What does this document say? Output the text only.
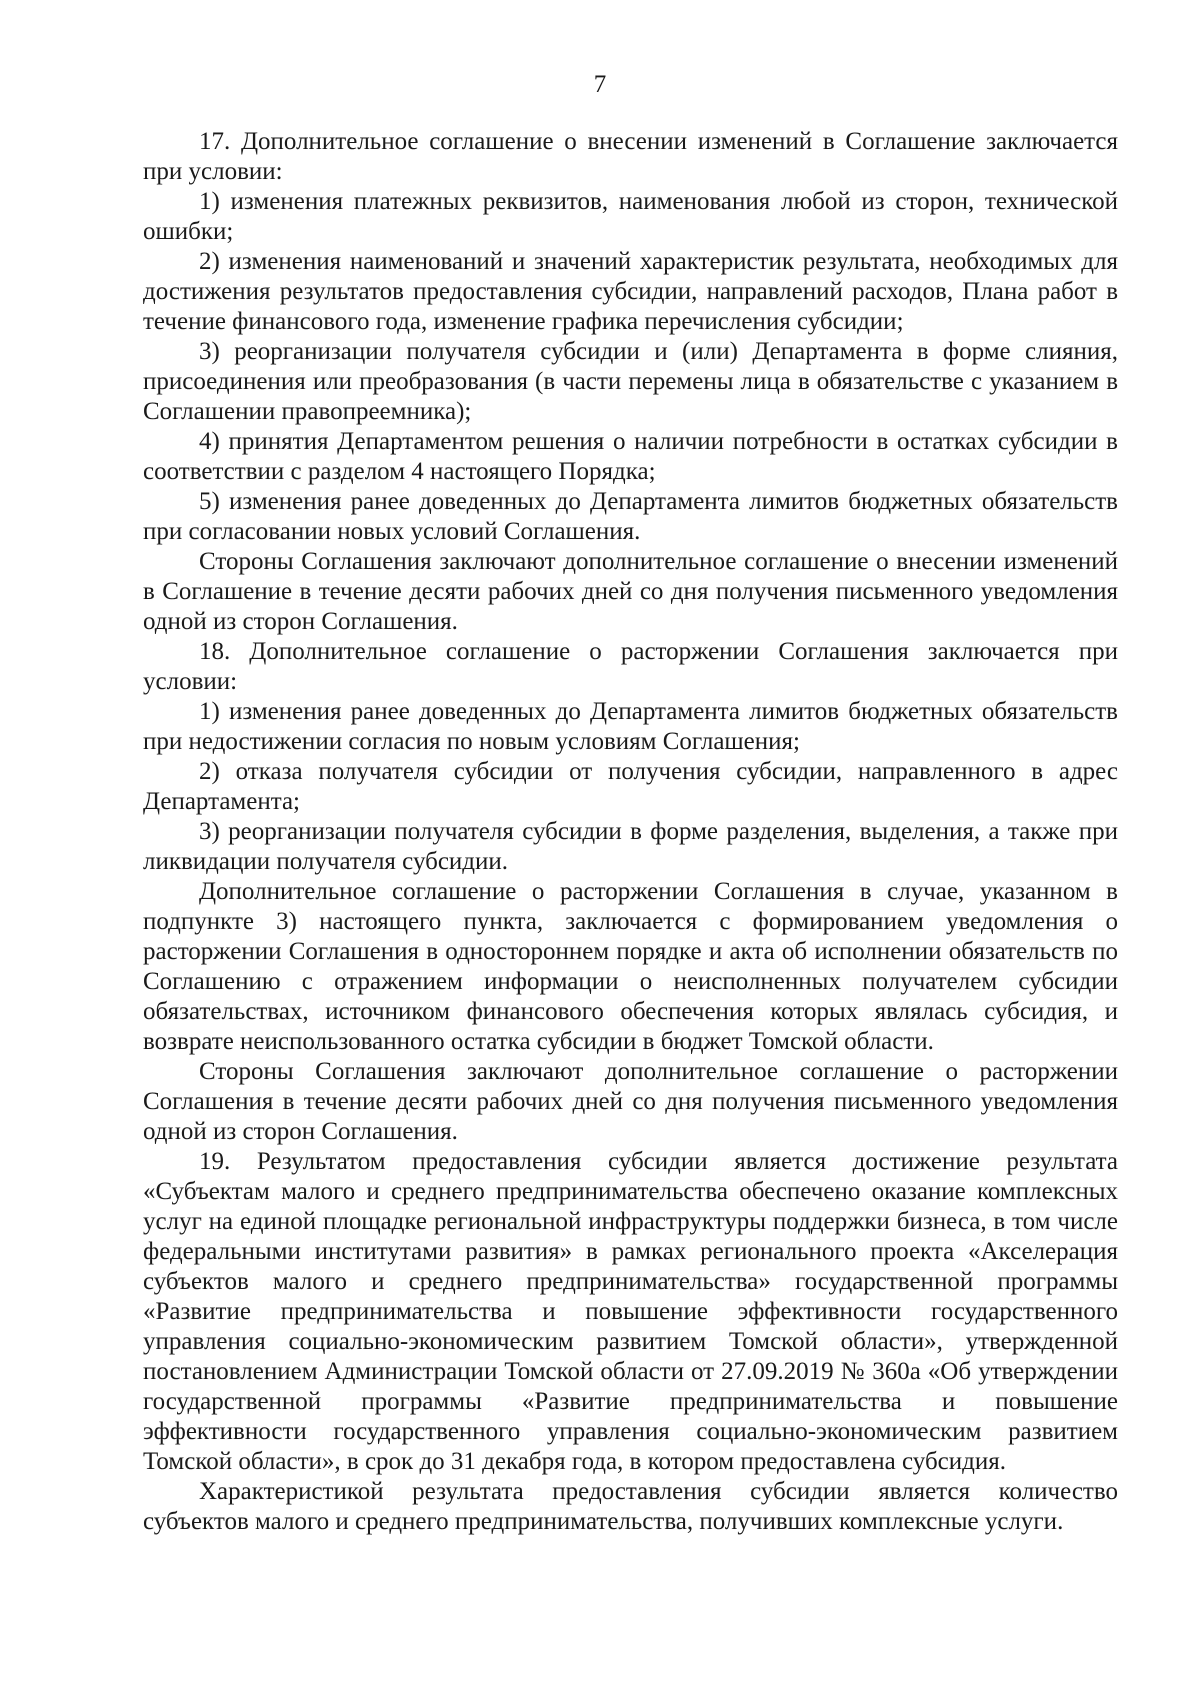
7

17. Дополнительное соглашение о внесении изменений в Соглашение заключается при условии:

1) изменения платежных реквизитов, наименования любой из сторон, технической ошибки;

2) изменения наименований и значений характеристик результата, необходимых для достижения результатов предоставления субсидии, направлений расходов, Плана работ в течение финансового года, изменение графика перечисления субсидии;

3) реорганизации получателя субсидии и (или) Департамента в форме слияния, присоединения или преобразования (в части перемены лица в обязательстве с указанием в Соглашении правопреемника);

4) принятия Департаментом решения о наличии потребности в остатках субсидии в соответствии с разделом 4 настоящего Порядка;

5) изменения ранее доведенных до Департамента лимитов бюджетных обязательств при согласовании новых условий Соглашения.

Стороны Соглашения заключают дополнительное соглашение о внесении изменений в Соглашение в течение десяти рабочих дней со дня получения письменного уведомления одной из сторон Соглашения.

18. Дополнительное соглашение о расторжении Соглашения заключается при условии:

1) изменения ранее доведенных до Департамента лимитов бюджетных обязательств при недостижении согласия по новым условиям Соглашения;

2) отказа получателя субсидии от получения субсидии, направленного в адрес Департамента;

3) реорганизации получателя субсидии в форме разделения, выделения, а также при ликвидации получателя субсидии.

Дополнительное соглашение о расторжении Соглашения в случае, указанном в подпункте 3) настоящего пункта, заключается с формированием уведомления о расторжении Соглашения в одностороннем порядке и акта об исполнении обязательств по Соглашению с отражением информации о неисполненных получателем субсидии обязательствах, источником финансового обеспечения которых являлась субсидия, и возврате неиспользованного остатка субсидии в бюджет Томской области.

Стороны Соглашения заключают дополнительное соглашение о расторжении Соглашения в течение десяти рабочих дней со дня получения письменного уведомления одной из сторон Соглашения.

19. Результатом предоставления субсидии является достижение результата «Субъектам малого и среднего предпринимательства обеспечено оказание комплексных услуг на единой площадке региональной инфраструктуры поддержки бизнеса, в том числе федеральными институтами развития» в рамках регионального проекта «Акселерация субъектов малого и среднего предпринимательства» государственной программы «Развитие предпринимательства и повышение эффективности государственного управления социально-экономическим развитием Томской области», утвержденной постановлением Администрации Томской области от 27.09.2019 № 360а «Об утверждении государственной программы «Развитие предпринимательства и повышение эффективности государственного управления социально-экономическим развитием Томской области», в срок до 31 декабря года, в котором предоставлена субсидия.

Характеристикой результата предоставления субсидии является количество субъектов малого и среднего предпринимательства, получивших комплексные услуги.
